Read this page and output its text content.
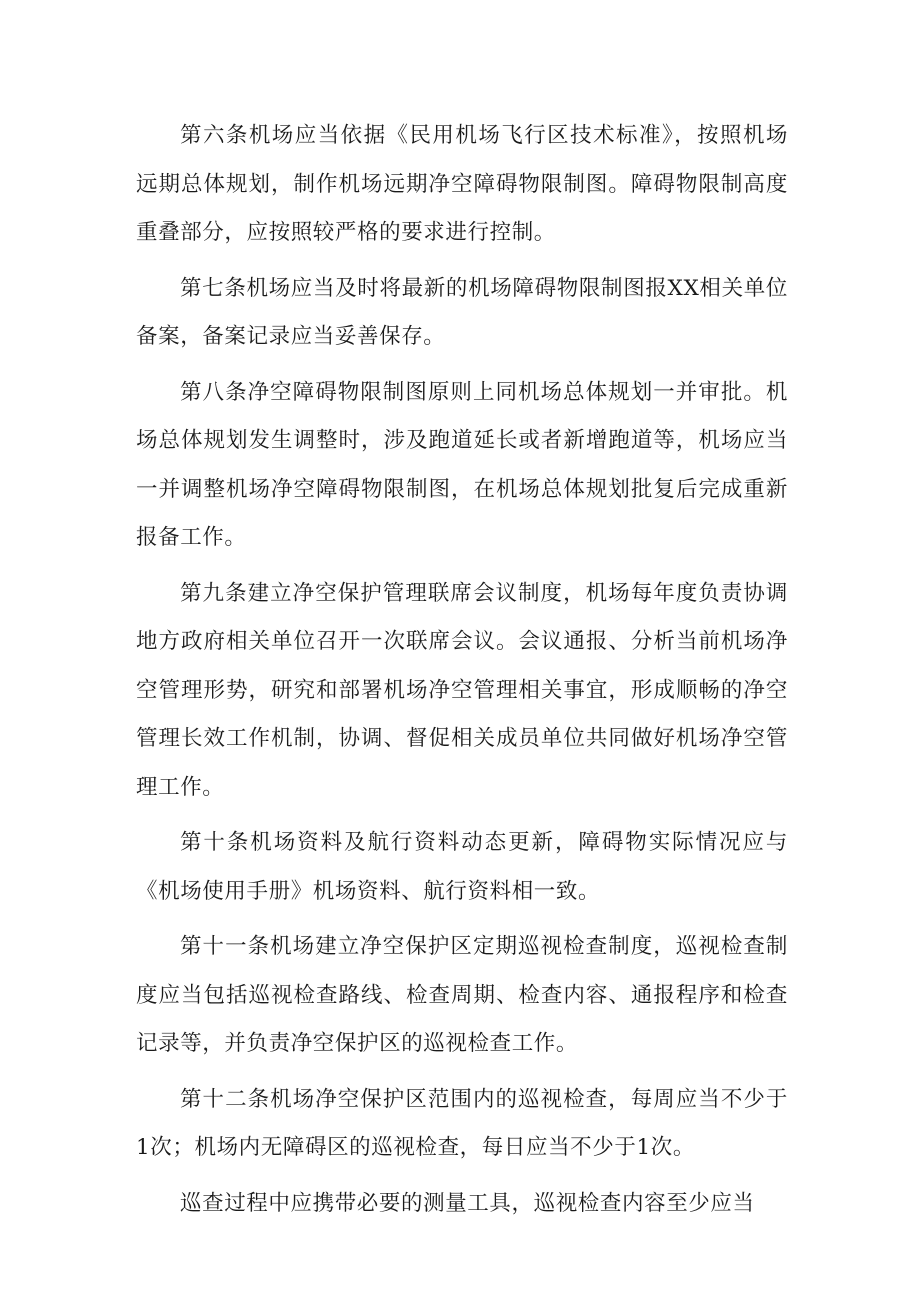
第六条机场应当依据《民用机场飞行区技术标准》，按照机场远期总体规划，制作机场远期净空障碍物限制图。障碍物限制高度重叠部分，应按照较严格的要求进行控制。

第七条机场应当及时将最新的机场障碍物限制图报XX相关单位备案，备案记录应当妥善保存。

第八条净空障碍物限制图原则上同机场总体规划一并审批。机场总体规划发生调整时，涉及跑道延长或者新增跑道等，机场应当一并调整机场净空障碍物限制图，在机场总体规划批复后完成重新报备工作。

第九条建立净空保护管理联席会议制度，机场每年度负责协调地方政府相关单位召开一次联席会议。会议通报、分析当前机场净空管理形势，研究和部署机场净空管理相关事宜，形成顺畅的净空管理长效工作机制，协调、督促相关成员单位共同做好机场净空管理工作。

第十条机场资料及航行资料动态更新，障碍物实际情况应与《机场使用手册》机场资料、航行资料相一致。

第十一条机场建立净空保护区定期巡视检查制度，巡视检查制度应当包括巡视检查路线、检查周期、检查内容、通报程序和检查记录等，并负责净空保护区的巡视检查工作。

第十二条机场净空保护区范围内的巡视检查，每周应当不少于1次；机场内无障碍区的巡视检查，每日应当不少于1次。

巡查过程中应携带必要的测量工具，巡视检查内容至少应当
